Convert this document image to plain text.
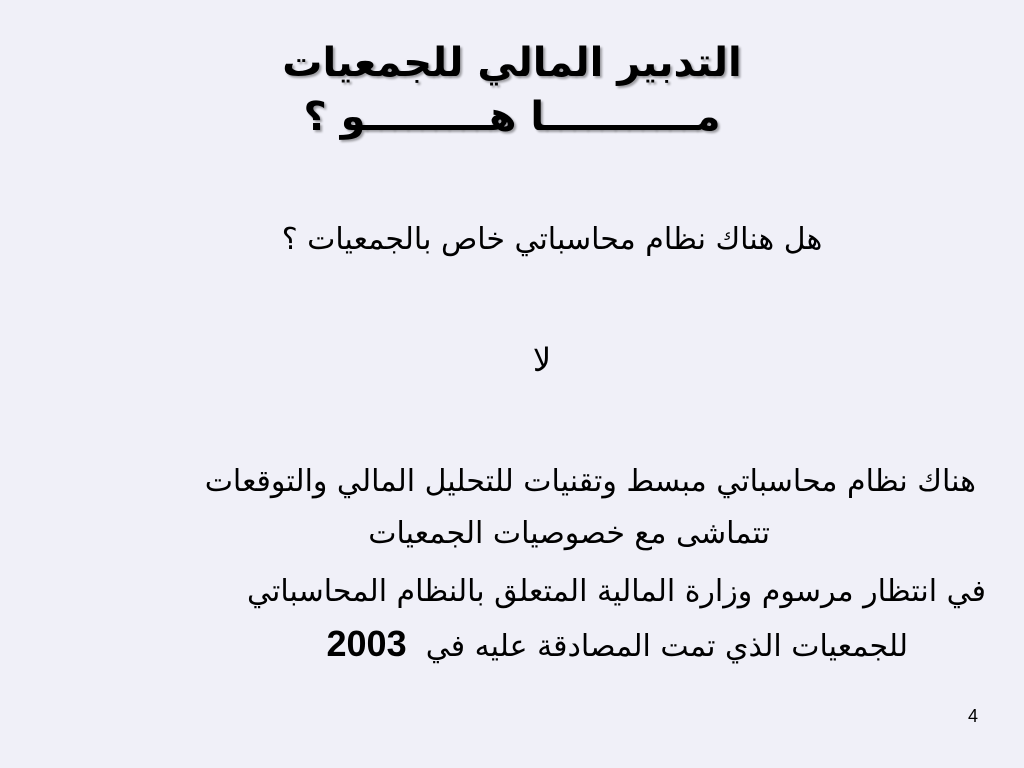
التدبير المالي للجمعيات
مـــــــــــا هـــــــــو ؟
هل هناك نظام محاسباتي خاص بالجمعيات ؟
لا
هناك نظام محاسباتي مبسط وتقنيات للتحليل المالي والتوقعات
تتماشى مع خصوصيات الجمعيات
في انتظار مرسوم وزارة المالية المتعلق بالنظام المحاسباتي
للجمعيات الذي تمت المصادقة عليه في  2003
4
